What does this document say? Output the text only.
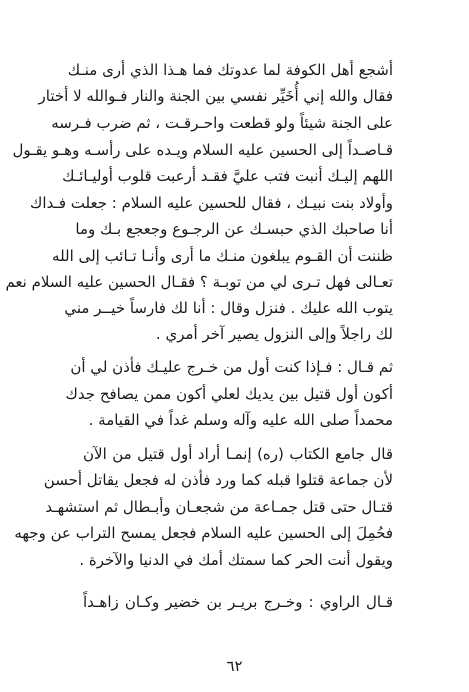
أشجع أهل الكوفة لما عدوتك فما هـذا الذي أرى منـك
فقال والله إني أُخَيِّر نفسي بين الجنة والنار فـوالله لا أختار
على الجنة شيئاً ولو قطعت واحـرقـت ، ثم ضرب فـرسه
قـاصـداً إلى الحسين عليه السلام ويـده على رأسـه وهـو يقـول
اللهم إليـك أنبت فتب عليَّ فقـد أرعبت قلوب أوليـائـك
وأولاد بنت نبيـك ، فقال للحسين عليه السلام : جعلت فـداك
أنا صاحبك الذي حبسـك عن الرجـوع وجعجع بـك وما
ظننت أن القـوم يبلغون منـك ما أرى وأنـا تـائب إلى الله
تعـالى فهل تـرى لي من توبـة ؟ فقـال الحسين عليه السلام نعم
يتوب الله عليك . فنزل وقال : أنا لك فارساً خيــر مني
لك راجلاً وإلى النزول يصير آخر أمري .
ثم قـال : فـإذا كنت أول من خـرج عليـك فأذن لي أن
أكون أول قتيل بين يديك لعلي أكون ممن يصافح جدك
محمداً صلى الله عليه وآله وسلم غداً في القيامة .
قال جامع الكتاب (ره) إنمـا أراد أول قتيل من الآن
لأن جماعة قتلوا قبله كما ورد فأذن له فجعل يقاتل أحسن
قتـال حتى قتل جمـاعة من شجعـان وأبـطال ثم استشهـد
فحُمِلَ إلى الحسين عليه السلام فجعل يمسح التراب عن وجهه
ويقول أنت الحر كما سمتك أمك في الدنيا والآخرة .
قـال الراوي : وخـرج بريـر بن خضير وكـان زاهـداً
٦٢
